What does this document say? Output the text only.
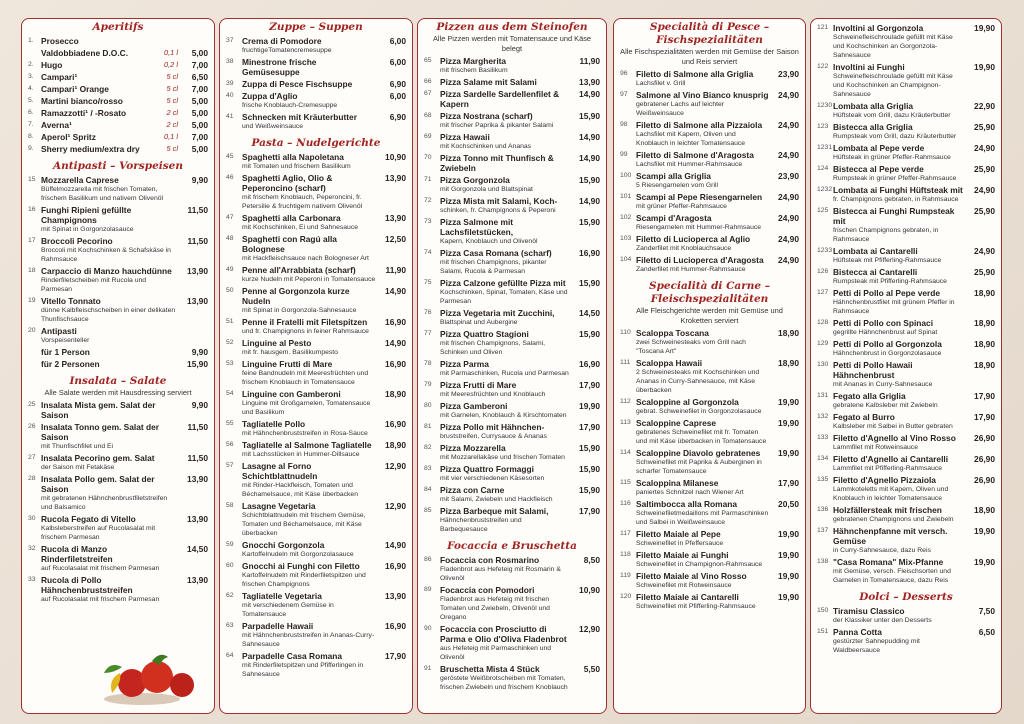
Aperitifs
1. Prosecco
Valdobbiadene D.O.C.	0,1 l	5,00
2. Hugo	0,2 l	7,00
3. Campari¹	5 cl	6,50
4. Campari¹ Orange	5 cl	7,00
5. Martini bianco/rosso	5 cl	5,00
6. Ramazzotti¹ / -Rosato	2 cl	5,00
7. Averna¹	2 cl	5,00
8. Aperol¹ Spritz	0,1 l	7,00
9. Sherry medium/extra dry	5 cl	5,00
Antipasti – Vorspeisen
15 Mozzarella Caprese
Büffelmozzarella mit frischen Tomaten, frischem Basilikum und nativem Olivenöl
9,90
16 Funghi Ripieni gefüllte Champignons
mit Spinat in Gorgonzolasauce
11,50
17 Broccoli Pecorino
Broccoli mit Kochschinken & Schafskäse in Rahmsauce
11,50
18 Carpaccio di Manzo hauchdünne
Rinderfiletscheiben mit Rucola und Parmesan
13,90
19 Vitello Tonnato
dünne Kalbfleischscheiben in einer delikaten Thunfischsauce
13,90
20 Antipasti
Vorspeisenteller
für 1 Person	9,90
für 2 Personen	15,90
Insalata – Salate
Alle Salate werden mit Hausdressing serviert
25 Insalata Mista gem. Salat der Saison
9,90
26 Insalata Tonno gem. Salat der Saison
mit Thunfischfilet und Ei
11,50
27 Insalata Pecorino gem. Salat
der Saison mit Fetakäse
11,50
28 Insalata Pollo gem. Salat der Saison
mit gebratenen Hähnchenbrustfiletstreifen und Balsamico
13,90
30 Rucola Fegato di Vitello
Kalbsleberstreifen auf Rucolasalat mit frischem Parmesan
13,90
32 Rucola di Manzo Rinderfiletstreifen
auf Rucolasalat mit frischem Parmesan
14,50
33 Rucola di Pollo Hähnchenbruststreifen
auf Rucolasalat mit frischem Parmesan
13,90
Zuppe – Suppen
37	Crema di Pomodore
fruchtigeTomatencremesuppe
6,00
38	Minestrone frische Gemüsesuppe
6,00
39	Zuppa di Pesce Fischsuppe	6,90
40	Zuppa d'Aglio
frische Knoblauch-Cremesuppe
6,00
41	Schnecken mit Kräuterbutter
und Weißweinsauce
6,90
Pasta – Nudelgerichte
45	Spaghetti alla Napoletana
mit Tomaten und frischem Basilikum
10,90
46	Spaghetti Aglio, Olio & Peperoncino (scharf)
mit frischem Knoblauch, Peperoncini, fr. Petersilie & fruchtigem nativem Olivenöl
13,90
47	Spaghetti alla Carbonara
mit Kochschinken, Ei und Sahnesauce
13,90
48	Spaghetti con Ragú alla Bolognese
mit Hackfleischsauce nach Bologneser Art
12,50
49	Penne all'Arrabbiata (scharf)
kurze Nudeln mit Peperoni in Tomatensauce
11,90
50	Penne al Gorgonzola kurze Nudeln
mit Spinat in Gorgonzola-Sahnesauce
14,90
51	Penne il Fratelli mit Filetspitzen
und fr. Champignons in feiner Rahmsauce
16,90
52	Linguine al Pesto
mit fr. hausgem. Basilikumpesto
14,90
53	Linguine Frutti di Mare
feine Bandnudeln mit Meeresfrüchten und frischem Knoblauch in Tomatensauce
16,90
54	Linguine con Gamberoni
Linguine mit Großgarnelen, Tomatensauce und Basilikum
18,90
55	Tagliatelle Pollo
mit Hähnchenbruststreifen in Rosa-Sauce
16,90
56	Tagliatelle al Salmone Tagliatelle
mit Lachsstücken in Hummer-Dillsauce
18,90
57	Lasagne al Forno Schichtblattnudeln
mit Rinder-Hackfleisch, Tomaten und Béchamelsauce, mit Käse überbacken
12,90
58	Lasagne Vegetaria
Schichtblattnudeln mit frischem Gemüse, Tomaten und Béchamelsauce, mit Käse überbacken
12,90
59	Gnocchi Gorgonzola
Kartoffelnudeln mit Gorgonzolasauce
14,90
60	Gnocchi ai Funghi con Filetto
Kartoffelnudeln mit Rinderfiletspitzen und frischen Champignons
16,90
62	Tagliatelle Vegetaria
mit verschiedenem Gemüse in Tomatensauce
13,90
63	Parpadelle Hawaii
mit Hähnchenbruststreifen in Ananas-Curry-Sahnesauce
16,90
64	Parpadelle Casa Romana
mit Rinderfiletspitzen und Pfifferlingen in Sahnesauce
17,90
Pizzen aus dem Steinofen
Alle Pizzen werden mit Tomatensauce und Käse belegt
65	Pizza Margherita
mit frischem Basilikum
11,90
66	Pizza Salame mit Salami	13,90
67	Pizza Sardelle Sardellenfilet & Kapern
14,90
68	Pizza Nostrana (scharf)
mit frischer Paprika & pikanter Salami
15,90
69	Pizza Hawaii
mit Kochschinken und Ananas
14,90
70	Pizza Tonno mit Thunfisch & Zwiebeln
14,90
71	Pizza Gorgonzola
mit Gorgonzola und Blattspinat
15,90
72	Pizza Mista mit Salami, Koch-
schinken, fr. Champignons & Peperoni
14,90
73	Pizza Salmone mit Lachsfiletstücken,
Kapern, Knoblauch und Olivenöl
15,90
74	Pizza Casa Romana (scharf)
mit frischen Champignons, pikanter Salami, Rucola & Parmesan
16,90
75	Pizza Calzone gefüllte Pizza mit
Kochschinken, Spinat, Tomaten, Käse und Parmesan
15,90
76	Pizza Vegetaria mit Zucchini,
Blattspinat und Aubergine
14,50
77	Pizza Quattro Stagioni
mit frischen Champignons, Salami, Schinken und Oliven
15,90
78	Pizza Parma
mit Parmaschinken, Rucola und Parmesan
16,90
79	Pizza Frutti di Mare
mit Meeresfrüchten und Knoblauch
17,90
80	Pizza Gamberoni
mit Garnelen, Knoblauch & Kirschtomaten
19,90
81	Pizza Pollo mit Hähnchen-
bruststreifen, Currysauce & Ananas
17,90
82	Pizza Mozzarella
mit Mozzarellakäse und frischen Tomaten
15,90
83	Pizza Quattro Formaggi
mit vier verschiedenen Käsesorten
15,90
84	Pizza con Carne
mit Salami, Zwiebeln und Hackfleisch
15,90
85	Pizza Barbeque mit Salami,
Hähnchenbruststreifen und Barbequesauce
17,90
Focaccia e Bruschetta
86	Focaccia con Rosmarino
Fladenbrot aus Hefeteig mit Rosmarin & Olivenöl
8,50
89	Focaccia con Pomodori
Fladenbrot aus Hefeteig mit frischen Tomaten und Zwiebeln, Olivenöl und Oregano
10,90
90	Focaccia con Prosciutto di Parma e Olio d'Oliva Fladenbrot
aus Hefeteig mit Parmaschinken und Olivenöl
12,90
91	Bruschetta Mista 4 Stück
geröstete Weißbrotscheiben mit Tomaten, frischen Zwiebeln und frischem Knoblauch
5,50
Specialità di Pesce – Fischspezialitäten
Alle Fischspezialitäten werden mit Gemüse der Saison und Reis serviert
96	Filetto di Salmone alla Griglia
Lachsfilet v. Grill
23,90
97	Salmone al Vino Bianco knusprig
gebratener Lachs auf leichter Weißweinsauce
24,90
98	Filetto di Salmone alla Pizzaiola
Lachsfilet mit Kapern, Oliven und Knoblauch in leichter Tomatensauce
24,90
99	Filetto di Salmone d'Aragosta
Lachsfilet mit Hummer-Rahmsauce
24,90
100 Scampi alla Griglia
5 Riesengarnelen vom Grill
23,90
101 Scampi al Pepe Riesengarnelen
mit grüner Pfeffer-Rahmsauce
24,90
102 Scampi d'Aragosta
Riesengarnelen mit Hummer-Rahmsauce
24,90
103 Filetto di Lucioperca al Aglio
Zanderfilet mit Knoblauchsauce
24,90
104 Filetto di Lucioperca d'Aragosta
Zanderfilet mit Hummer-Rahmsauce
24,90
Specialità di Carne – Fleischspezialitäten
Alle Fleischgerichte werden mit Gemüse und Kroketten serviert
110 Scaloppa Toscana
zwei Schweinesteaks vom Grill nach "Toscana Art"
18,90
111 Scaloppa Hawaii
2 Schweinesteaks mit Kochschinken und Ananas in Curry-Sahnesauce, mit Käse überbacken
18,90
112 Scaloppine al Gorgonzola
gebrat. Schweinefilet in Gorgonzolasauce
19,90
113 Scaloppine Caprese
gebratenes Schweinefilet mit fr. Tomaten und mit Käse überbacken in Tomatensauce
19,90
114 Scaloppine Diavolo gebratenes
Schweinefilet mit Paprika & Auberginen in scharfer Tomatensauce
19,90
115 Scaloppina Milanese
paniertes Schnitzel nach Wiener Art
17,90
116 Saltimbocca alla Romana
Schweinefiletmedaillons mit Parmaschinken und Salbei in Weißweinsauce
20,50
117 Filetto Maiale al Pepe
Schweinefilet in Pfeffersauce
19,90
118 Filetto Maiale ai Funghi
Schweinefilet in Champignon-Rahmsauce
19,90
119 Filetto Maiale al Vino Rosso
Schweinefilet mit Rotweinsauce
19,90
120 Filetto Maiale ai Cantarelli
Schweinefilet mit Pfifferling-Rahmsauce
19,90
121 Involtini al Gorgonzola
Schweinefleischroulade gefüllt mit Käse und Kochschinken an Gorgonzola-Sahnesauce
19,90
122 Involtini ai Funghi
Schweinefleischroulade gefüllt mit Käse und Kochschinken an Champignon-Sahnesauce
19,90
1230 Lombata alla Griglia
Hüftsteak vom Grill, dazu Kräuterbutter
22,90
123 Bistecca alla Griglia
Rumpsteak vom Grill, dazu Kräuterbutter
25,90
1231 Lombata al Pepe verde
Hüftsteak in grüner Pfeffer-Rahmsauce
24,90
124 Bistecca al Pepe verde
Rumpsteak in grüner Pfeffer-Rahmsauce
25,90
1232 Lombata ai Funghi Hüftsteak mit
fr. Champignons gebraten, in Rahmsauce
24,90
125 Bistecca ai Funghi Rumpsteak mit
frischen Champignons gebraten, in Rahmsauce
25,90
1233 Lombata ai Cantarelli
Hüftsteak mit Pfifferling-Rahmsauce
24,90
126 Bistecca ai Cantarelli
Rumpsteak mit Pfifferling-Rahmsauce
25,90
127 Petti di Pollo al Pepe verde
Hähnchenbrustfilet mit grünem Pfeffer in Rahmsauce
18,90
128 Petti di Pollo con Spinaci
gegrillte Hähnchenbrust auf Spinat
18,90
129 Petti di Pollo al Gorgonzola
Hähnchenbrust in Gorgonzolasauce
18,90
130 Petti di Pollo Hawaii Hähnchenbrust
mit Ananas in Curry-Sahnesauce
18,90
131 Fegato alla Griglia
gebratene Kalbsleber mit Zwiebeln
17,90
132 Fegato al Burro
Kalbsleber mit Salbei in Butter gebraten
17,90
133 Filetto d'Agnello al Vino Rosso
Lammfilet mit Rotweinsauce
26,90
134 Filetto d'Agnello ai Cantarelli
Lammfilet mit Pfifferling-Rahmsauce
26,90
135 Filetto d'Agnello Pizzaiola
Lammkoteletts mit Kapern, Oliven und Knoblauch in leichter Tomatensauce
26,90
136 Holzfällersteak mit frischen
gebratenen Champignons und Zwiebeln
18,90
137 Hähnchenpfanne mit versch. Gemüse
in Curry-Sahnesauce, dazu Reis
19,90
138 "Casa Romana" Mix-Pfanne
mit Gemüse, versch. Fleischsorten und Garnelen in Tomatensauce, dazu Reis
19,90
Dolci – Desserts
150 Tiramisu Classico
der Klassiker unter den Desserts
7,50
151 Panna Cotta
gestürzter Sahnepudding mit Waldbeersauce
6,50
